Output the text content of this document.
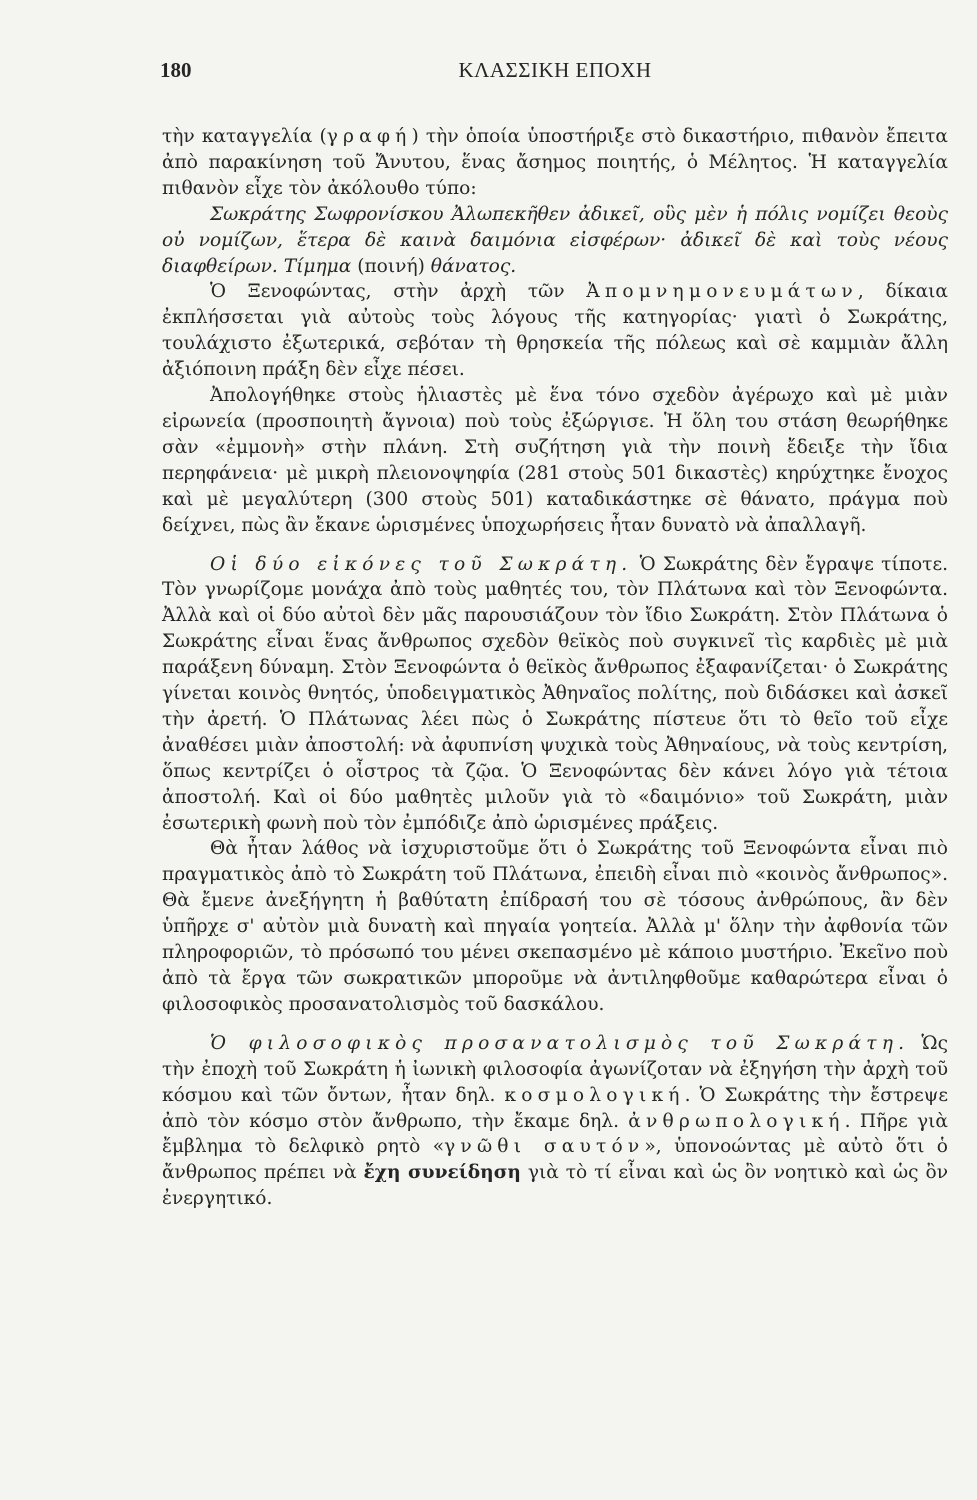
180	ΚΛΑΣΣΙΚΗ ΕΠΟΧΗ

τὴν καταγγελία (γραφή) τὴν ὁποία ὑποστήριξε στὸ δικαστήριο, πιθανὸν ἔπειτα ἀπὸ παρακίνηση τοῦ Ἄνυτου, ἕνας ἄσημος ποιητής, ὁ Μέλητος. Ἡ καταγγελία πιθανὸν εἶχε τὸν ἀκόλουθο τύπο:

Σωκράτης Σωφρονίσκου Ἀλωπεκῆθεν ἀδικεῖ, οὓς μὲν ἡ πόλις νομίζει θεοὺς οὐ νομίζων, ἕτερα δὲ καινὰ δαιμόνια εἰσφέρων· ἀδικεῖ δὲ καὶ τοὺς νέους διαφθείρων. Τίμημα (ποινή) θάνατος.

Ὁ Ξενοφώντας, στὴν ἀρχὴ τῶν Ἀπομνημονευμάτων, δίκαια ἐκπλήσσεται γιὰ αὐτοὺς τοὺς λόγους τῆς κατηγορίας· γιατὶ ὁ Σωκράτης, τουλάχιστο ἐξωτερικά, σεβόταν τὴ θρησκεία τῆς πόλεως καὶ σὲ καμμιὰν ἄλλη ἀξιόποινη πράξη δὲν εἶχε πέσει.

Ἀπολογήθηκε στοὺς ἡλιαστὲς μὲ ἕνα τόνο σχεδὸν ἀγέρωχο καὶ μὲ μιὰν εἰρωνεία (προσποιητὴ ἄγνοια) ποὺ τοὺς ἐξώργισε. Ἡ ὅλη του στάση θεωρήθηκε σὰν «ἐμμονὴ» στὴν πλάνη. Στὴ συζήτηση γιὰ τὴν ποινὴ ἔδειξε τὴν ἴδια περηφάνεια· μὲ μικρὴ πλειονοψηφία (281 στοὺς 501 δικαστὲς) κηρύχτηκε ἔνοχος καὶ μὲ μεγαλύτερη (300 στοὺς 501) καταδικάστηκε σὲ θάνατο, πράγμα ποὺ δείχνει, πὼς ἂν ἔκανε ὡρισμένες ὑποχωρήσεις ἦταν δυνατὸ νὰ ἀπαλλαγῆ.

Οἱ δύο εἰκόνες τοῦ Σωκράτη. Ὁ Σωκράτης δὲν ἔγραψε τίποτε. Τὸν γνωρίζομε μονάχα ἀπὸ τοὺς μαθητές του, τὸν Πλάτωνα καὶ τὸν Ξενοφώντα. Ἀλλὰ καὶ οἱ δύο αὐτοὶ δὲν μᾶς παρουσιάζουν τὸν ἴδιο Σωκράτη. Στὸν Πλάτωνα ὁ Σωκράτης εἶναι ἕνας ἄνθρωπος σχεδὸν θεϊκὸς ποὺ συγκινεῖ τὶς καρδιὲς μὲ μιὰ παράξενη δύναμη. Στὸν Ξενοφώντα ὁ θεϊκὸς ἄνθρωπος ἐξαφανίζεται· ὁ Σωκράτης γίνεται κοινὸς θνητός, ὑποδειγματικὸς Ἀθηναῖος πολίτης, ποὺ διδάσκει καὶ ἀσκεῖ τὴν ἀρετή. Ὁ Πλάτωνας λέει πὼς ὁ Σωκράτης πίστευε ὅτι τὸ θεῖο τοῦ εἶχε ἀναθέσει μιὰν ἀποστολή: νὰ ἀφυπνίση ψυχικὰ τοὺς Ἀθηναίους, νὰ τοὺς κεντρίση, ὅπως κεντρίζει ὁ οἶστρος τὰ ζῷα. Ὁ Ξενοφώντας δὲν κάνει λόγο γιὰ τέτοια ἀποστολή. Καὶ οἱ δύο μαθητὲς μιλοῦν γιὰ τὸ «δαιμόνιο» τοῦ Σωκράτη, μιὰν ἐσωτερικὴ φωνὴ ποὺ τὸν ἐμπόδιζε ἀπὸ ὡρισμένες πράξεις.

Θὰ ἦταν λάθος νὰ ἰσχυριστοῦμε ὅτι ὁ Σωκράτης τοῦ Ξενοφώντα εἶναι πιὸ πραγματικὸς ἀπὸ τὸ Σωκράτη τοῦ Πλάτωνα, ἐπειδὴ εἶναι πιὸ «κοινὸς ἄνθρωπος». Θὰ ἔμενε ἀνεξήγητη ἡ βαθύτατη ἐπίδρασή του σὲ τόσους ἀνθρώπους, ἂν δὲν ὑπῆρχε σ' αὐτὸν μιὰ δυνατὴ καὶ πηγαία γοητεία. Ἀλλὰ μ' ὅλην τὴν ἀφθονία τῶν πληροφοριῶν, τὸ πρόσωπό του μένει σκεπασμένο μὲ κάποιο μυστήριο. Ἐκεῖνο ποὺ ἀπὸ τὰ ἔργα τῶν σωκρατικῶν μποροῦμε νὰ ἀντιληφθοῦμε καθαρώτερα εἶναι ὁ φιλοσοφικὸς προσανατολισμὸς τοῦ δασκάλου.

Ὁ φιλοσοφικὸς προσανατολισμὸς τοῦ Σωκράτη. Ὡς τὴν ἐποχὴ τοῦ Σωκράτη ἡ ἰωνικὴ φιλοσοφία ἀγωνίζοταν νὰ ἐξηγήση τὴν ἀρχὴ τοῦ κόσμου καὶ τῶν ὄντων, ἦταν δηλ. κοσμολογική. Ὁ Σωκράτης τὴν ἔστρεψε ἀπὸ τὸν κόσμο στὸν ἄνθρωπο, τὴν ἔκαμε δηλ. ἀνθρωπολογική. Πῆρε γιὰ ἔμβλημα τὸ δελφικὸ ρητὸ «γνῶθι σαυτόν», ὑπονοώντας μὲ αὐτὸ ὅτι ὁ ἄνθρωπος πρέπει νὰ ἔχη συνείδηση γιὰ τὸ τί εἶναι καὶ ὡς ὂν νοητικὸ καὶ ὡς ὂν ἐνεργητικό.
